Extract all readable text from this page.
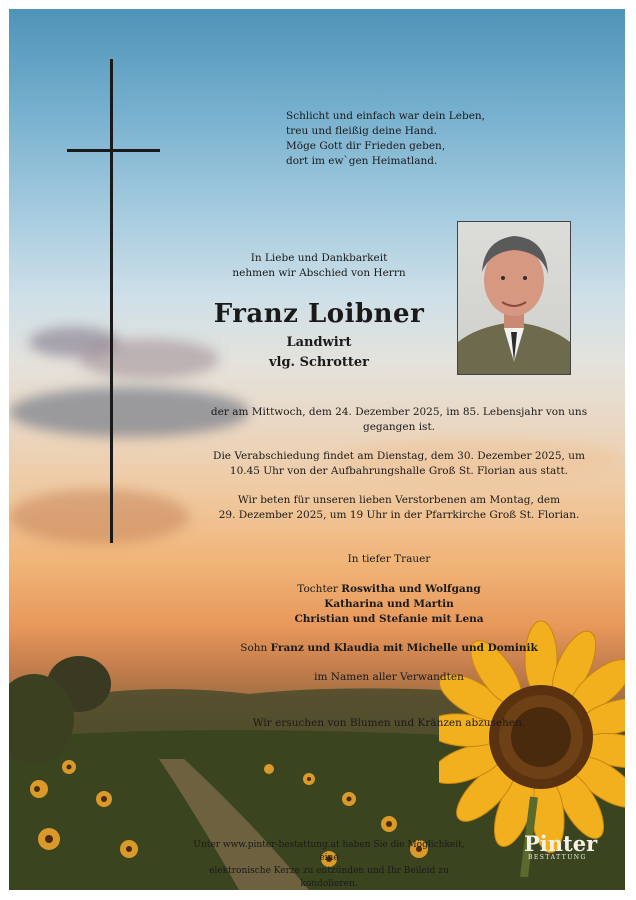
Schlicht und einfach war dein Leben,
treu und fleißig deine Hand.
Möge Gott dir Frieden geben,
dort im ew`gen Heimatland.
In Liebe und Dankbarkeit
nehmen wir Abschied von Herrn
Franz Loibner
Landwirt
vlg. Schrotter
der am Mittwoch, dem 24. Dezember 2025, im 85. Lebensjahr von uns
gegangen ist.
Die Verabschiedung findet am Dienstag, dem 30. Dezember 2025, um
10.45 Uhr von der Aufbahrungshalle Groß St. Florian aus statt.
Wir beten für unseren lieben Verstorbenen am Montag, dem
29. Dezember 2025, um 19 Uhr in der Pfarrkirche Groß St. Florian.
In tiefer Trauer
Tochter Roswitha und Wolfgang
Katharina und Martin
Christian und Stefanie mit Lena
Sohn Franz und Klaudia mit Michelle und Dominik
im Namen aller Verwandten
Wir ersuchen von Blumen und Kränzen abzusehen.
Unter www.pinter-bestattung.at haben Sie die Möglichkeit, eine
elektronische Kerze zu entzünden und Ihr Beileid zu kondolieren.
Pinter
BESTATTUNG
